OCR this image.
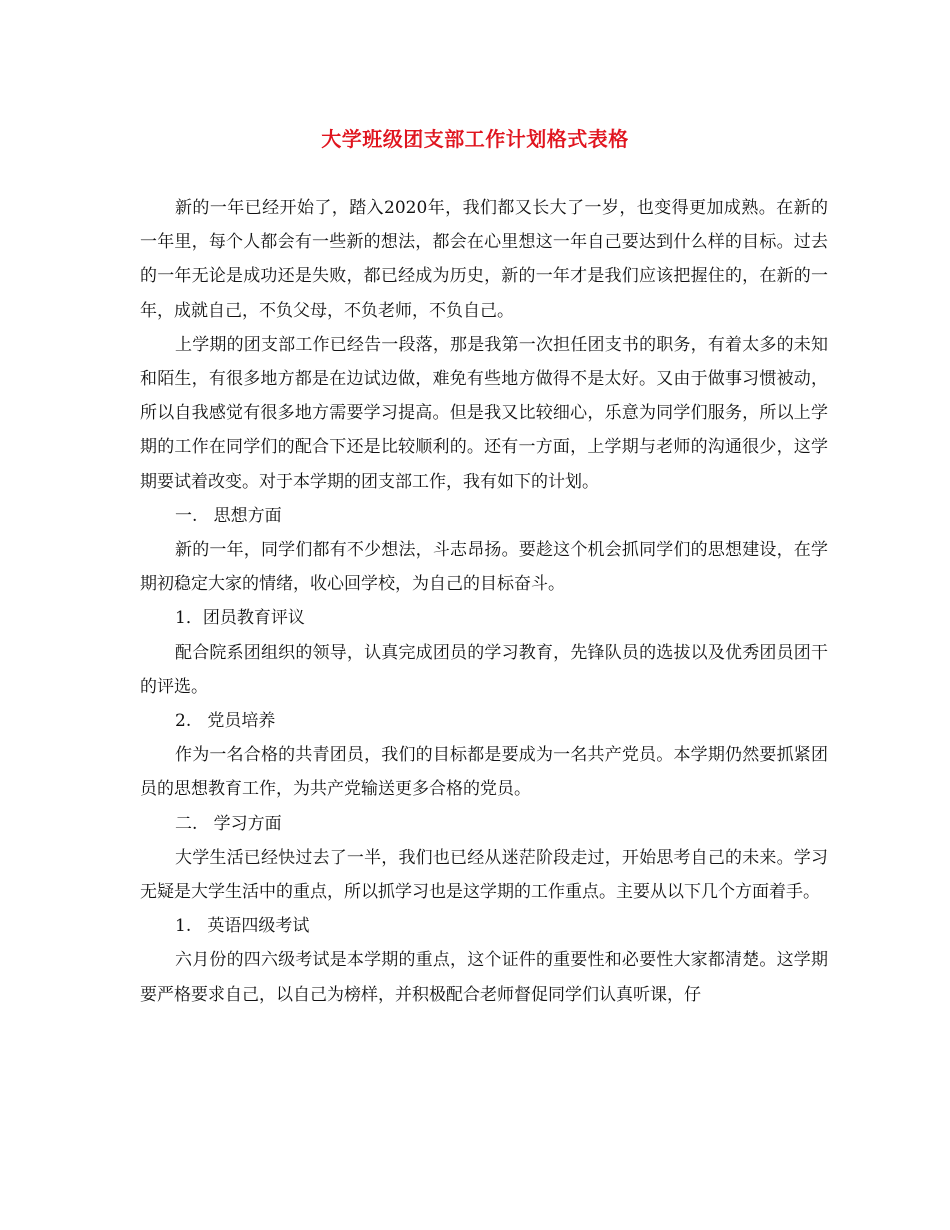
大学班级团支部工作计划格式表格

新的一年已经开始了，踏入2020年，我们都又长大了一岁，也变得更加成熟。在新的一年里，每个人都会有一些新的想法，都会在心里想这一年自己要达到什么样的目标。过去的一年无论是成功还是失败，都已经成为历史，新的一年才是我们应该把握住的，在新的一年，成就自己，不负父母，不负老师，不负自己。

上学期的团支部工作已经告一段落，那是我第一次担任团支书的职务，有着太多的未知和陌生，有很多地方都是在边试边做，难免有些地方做得不是太好。又由于做事习惯被动，所以自我感觉有很多地方需要学习提高。但是我又比较细心，乐意为同学们服务，所以上学期的工作在同学们的配合下还是比较顺利的。还有一方面，上学期与老师的沟通很少，这学期要试着改变。对于本学期的团支部工作，我有如下的计划。

一.   思想方面

新的一年，同学们都有不少想法，斗志昂扬。要趁这个机会抓同学们的思想建设，在学期初稳定大家的情绪，收心回学校，为自己的目标奋斗。

1．团员教育评议

配合院系团组织的领导，认真完成团员的学习教育，先锋队员的选拔以及优秀团员团干的评选。

2.   党员培养

作为一名合格的共青团员，我们的目标都是要成为一名共产党员。本学期仍然要抓紧团员的思想教育工作，为共产党输送更多合格的党员。

二.   学习方面

大学生活已经快过去了一半，我们也已经从迷茫阶段走过，开始思考自己的未来。学习无疑是大学生活中的重点，所以抓学习也是这学期的工作重点。主要从以下几个方面着手。

1.   英语四级考试

六月份的四六级考试是本学期的重点，这个证件的重要性和必要性大家都清楚。这学期要严格要求自己，以自己为榜样，并积极配合老师督促同学们认真听课，仔
